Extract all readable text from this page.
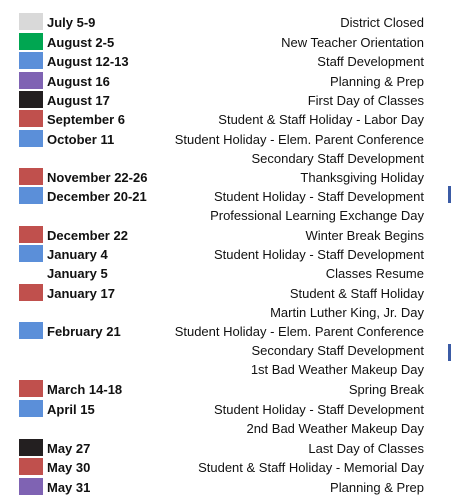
July 5-9	District Closed
August 2-5	New Teacher Orientation
August 12-13	Staff Development
August 16	Planning & Prep
August 17	First Day of Classes
September 6	Student & Staff Holiday - Labor Day
October 11	Student Holiday - Elem. Parent Conference
Secondary Staff Development
November 22-26	Thanksgiving Holiday
December 20-21	Student Holiday - Staff Development
Professional Learning Exchange Day
December 22	Winter Break Begins
January 4	Student Holiday - Staff Development
January 5	Classes Resume
January 17	Student & Staff Holiday
Martin Luther King, Jr. Day
February 21	Student Holiday - Elem. Parent Conference
Secondary Staff Development
1st Bad Weather Makeup Day
March 14-18	Spring Break
April 15	Student Holiday - Staff Development
2nd Bad Weather Makeup Day
May 27	Last Day of Classes
May 30	Student & Staff Holiday - Memorial Day
May 31	Planning & Prep
